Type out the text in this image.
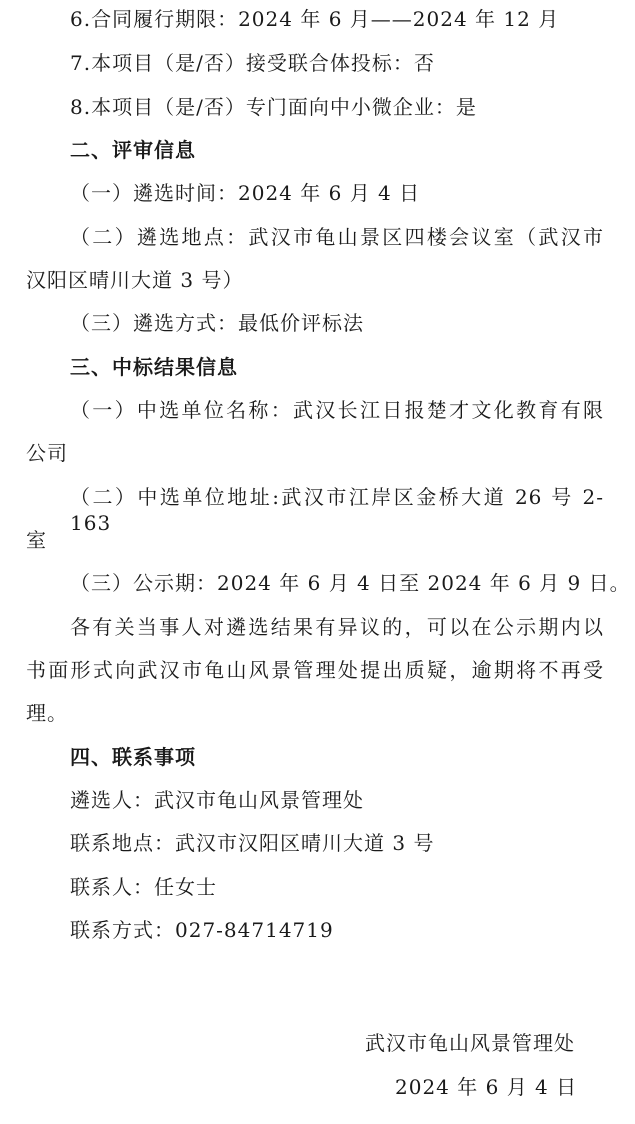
6.合同履行期限：2024 年 6 月——2024 年 12 月
7.本项目（是/否）接受联合体投标：否
8.本项目（是/否）专门面向中小微企业：是
二、评审信息
（一）遴选时间：2024 年 6 月 4 日
（二）遴选地点：武汉市龟山景区四楼会议室（武汉市
汉阳区晴川大道 3 号）
（三）遴选方式：最低价评标法
三、中标结果信息
（一）中选单位名称：武汉长江日报楚才文化教育有限
公司
（二）中选单位地址:武汉市江岸区金桥大道 26 号 2-163
室
（三）公示期：2024 年 6 月 4 日至 2024 年 6 月 9 日。
各有关当事人对遴选结果有异议的，可以在公示期内以
书面形式向武汉市龟山风景管理处提出质疑，逾期将不再受
理。
四、联系事项
遴选人：武汉市龟山风景管理处
联系地点：武汉市汉阳区晴川大道 3 号
联系人：任女士
联系方式：027-84714719
武汉市龟山风景管理处
2024 年 6 月 4 日
